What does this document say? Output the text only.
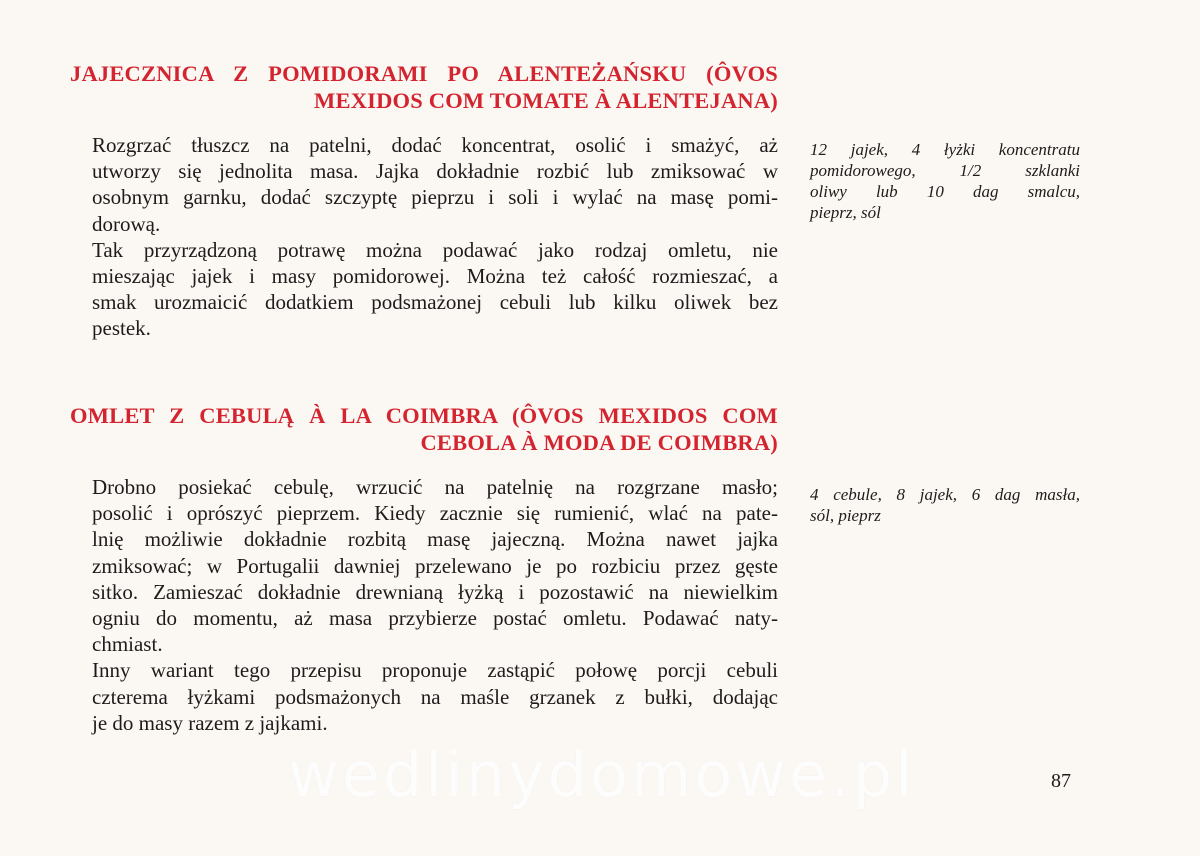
JAJECZNICA Z POMIDORAMI PO ALENTEŻAŃSKU (ÔVOS
MEXIDOS COM TOMATE À ALENTEJANA)

Rozgrzać tłuszcz na patelni, dodać koncentrat, osolić i smażyć, aż
utworzy się jednolita masa. Jajka dokładnie rozbić lub zmiksować w
osobnym garnku, dodać szczyptę pieprzu i soli i wylać na masę pomi-
dorową.

Tak przyrządzoną potrawę można podawać jako rodzaj omletu, nie
mieszając jajek i masy pomidorowej. Można też całość rozmieszać, a
smak urozmaicić dodatkiem podsmażonej cebuli lub kilku oliwek bez
pestek.

12 jajek, 4 łyżki koncentratu
pomidorowego, 1/2 szklanki
oliwy lub 10 dag smalcu,
pieprz, sól
OMLET Z CEBULĄ À LA COIMBRA (ÔVOS MEXIDOS COM
CEBOLA À MODA DE COIMBRA)

Drobno posiekać cebulę, wrzucić na patelnię na rozgrzane masło;
posolić i oprószyć pieprzem. Kiedy zacznie się rumienić, wlać na pate-
lnię możliwie dokładnie rozbitą masę jajeczną. Można nawet jajka
zmiksować; w Portugalii dawniej przelewano je po rozbiciu przez gęste
sitko. Zamieszać dokładnie drewnianą łyżką i pozostawić na niewielkim
ogniu do momentu, aż masa przybierze postać omletu. Podawać naty-
chmiast.

Inny wariant tego przepisu proponuje zastąpić połowę porcji cebuli
czterema łyżkami podsmażonych na maśle grzanek z bułki, dodając
je do masy razem z jajkami.

4 cebule, 8 jajek, 6 dag masła,
sól, pieprz
wedlinydomowe.pl	87
